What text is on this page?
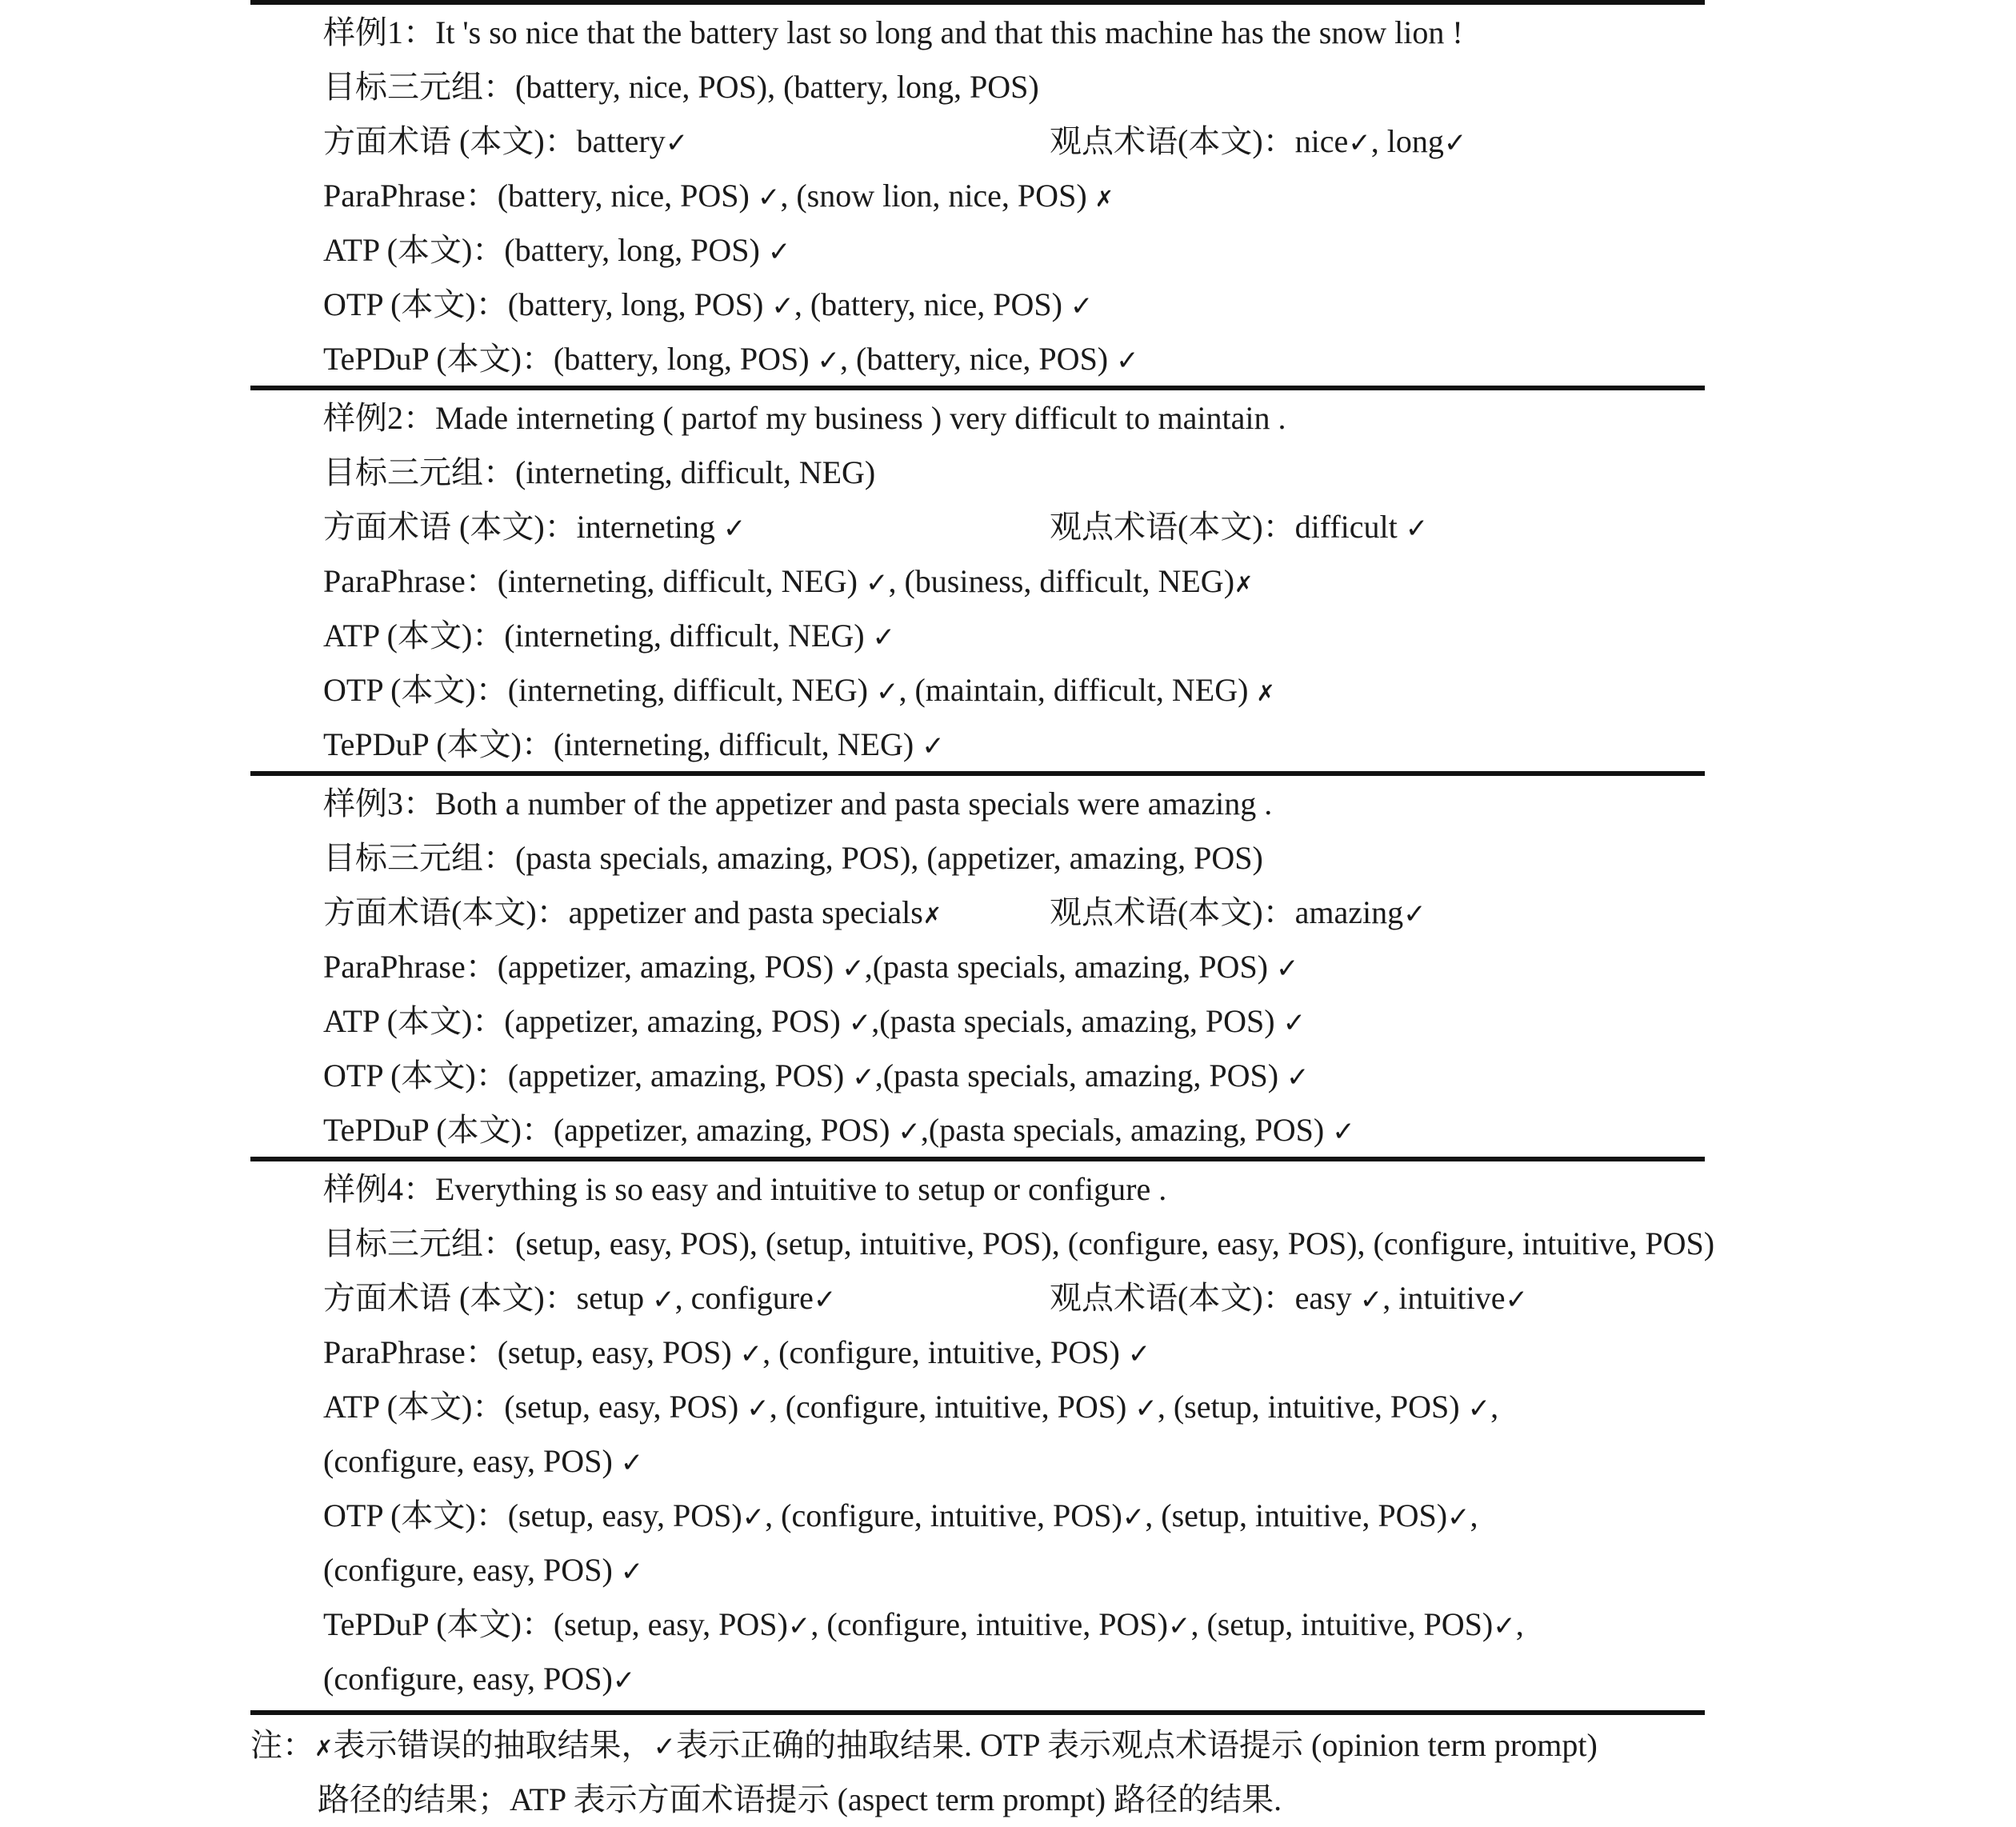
样例1：It 's so nice that the battery last so long and that this machine has the snow lion !
目标三元组：(battery, nice, POS), (battery, long, POS)
方面术语 (本文)：battery✓	观点术语(本文)：nice✓, long✓
ParaPhrase：(battery, nice, POS) ✓, (snow lion, nice, POS) ✗
ATP (本文)：(battery, long, POS) ✓
OTP (本文)：(battery, long, POS) ✓, (battery, nice, POS) ✓
TePDuP (本文)：(battery, long, POS) ✓, (battery, nice, POS) ✓
样例2：Made interneting ( partof my business ) very difficult to maintain .
目标三元组：(interneting, difficult, NEG)
方面术语 (本文)：interneting ✓	观点术语(本文)：difficult ✓
ParaPhrase：(interneting, difficult, NEG) ✓, (business, difficult, NEG)✗
ATP (本文)：(interneting, difficult, NEG) ✓
OTP (本文)：(interneting, difficult, NEG) ✓, (maintain, difficult, NEG) ✗
TePDuP (本文)：(interneting, difficult, NEG) ✓
样例3：Both a number of the appetizer and pasta specials were amazing .
目标三元组：(pasta specials, amazing, POS), (appetizer, amazing, POS)
方面术语(本文)：appetizer and pasta specials✗	观点术语(本文)：amazing✓
ParaPhrase：(appetizer, amazing, POS) ✓,(pasta specials, amazing, POS) ✓
ATP (本文)：(appetizer, amazing, POS) ✓,(pasta specials, amazing, POS) ✓
OTP (本文)：(appetizer, amazing, POS) ✓,(pasta specials, amazing, POS) ✓
TePDuP (本文)：(appetizer, amazing, POS) ✓,(pasta specials, amazing, POS) ✓
样例4：Everything is so easy and intuitive to setup or configure .
目标三元组：(setup, easy, POS), (setup, intuitive, POS), (configure, easy, POS), (configure, intuitive, POS)
方面术语 (本文)：setup ✓, configure✓	观点术语(本文)：easy ✓, intuitive✓
ParaPhrase：(setup, easy, POS) ✓, (configure, intuitive, POS) ✓
ATP (本文)：(setup, easy, POS) ✓, (configure, intuitive, POS) ✓, (setup, intuitive, POS) ✓,
(configure, easy, POS) ✓
OTP (本文)：(setup, easy, POS)✓, (configure, intuitive, POS)✓, (setup, intuitive, POS)✓,
(configure, easy, POS) ✓
TePDuP (本文)：(setup, easy, POS)✓, (configure, intuitive, POS)✓, (setup, intuitive, POS)✓,
(configure, easy, POS)✓
注：✗表示错误的抽取结果，✓表示正确的抽取结果. OTP 表示观点术语提示 (opinion term prompt)
路径的结果；ATP 表示方面术语提示 (aspect term prompt) 路径的结果.
